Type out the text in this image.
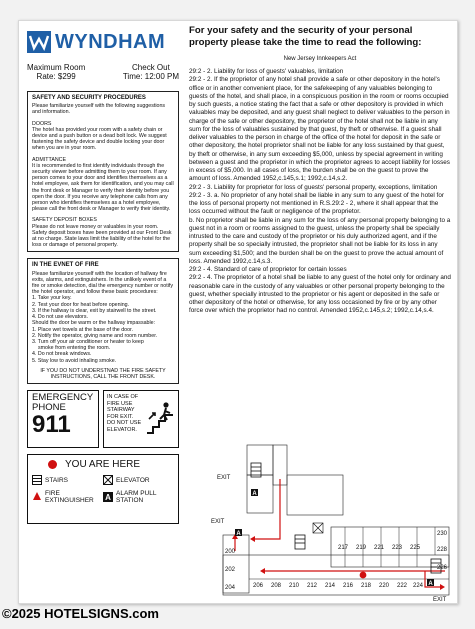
WYNDHAM
Maximum Room
Rate: $299
Check Out
Time: 12:00 PM
SAFETY AND SECURITY PROCEDURES
Please familiarize yourself with the following suggestions and information.
DOORS
The hotel has provided your room with a safety chain or device and a push button or a dead bolt lock. We suggest fastening the safety device and double locking your door when you are in your room.
ADMITTANCE
It is recommended to first identify individuals through the security viewer before admitting them to your room. If any person comes to your door and identifies themselves as a hotel employee, ask them for identification, and you may call the front desk or Manager to verify their identity before you open the door. If you receive any telephone calls from any person who identifies themselves as a hotel employee, please call the front desk or Manager to verify their identity.
SAFETY DEPOSIT BOXES
Please do not leave money or valuables in your room. Safety deposit boxes have been provided at our Front Desk at no charge. State laws limit the liability of the hotel for the loss or damage of personal property.
IN THE EVNET OF FIRE
Please familiarize yourself with the location of hallway fire exits, alarms, and extinguishers. In the unlikely event of a fire or smoke detection, dial the emergency number or notify the hotel operator, and follow these basic procedures:
1. Take your key.
2. Test your door for heat before opening.
3. If the hallway is clear, exit by stairwell to the street.
4. Do not use elevators.
Should the door be warm or the hallway impassable:
1. Place wet towels at the base of the door.
2. Notify the operator, giving name and room number.
3. Turn off your air conditioner or heater to keep
smoke from entering the room.
4. Do not break windows.
5. Stay low to avoid inhaling smoke.
IF YOU DO NOT UNDERSTNAD THE FIRE SAFETY
INSTRUCTIONS, CALL THE FRONT DESK.
EMERGENCY
PHONE
911
IN CASE OF
FIRE USE
STAIRWAY
FOR EXIT.
DO NOT USE
ELEVATOR.
YOU ARE HERE
STAIRS	ELEVATOR
FIRE
EXTINGUISHER A ALARM PULL
STATION
For your safety and the security of your personal property please take the time to read the following:
New Jersey Innkeepers Act
29:2 - 2. Liability for loss of guests' valuables, limitation
29:2 - 2. If the proprietor of any hotel shall provide a safe or other depository in the hotel's office or in another convenient place, for the safekeeping of any valuables belonging to guests of the hotel, and shall place, in a conspicuous position in the room or rooms occupied by such guests, a notice stating the fact that a safe or other depository is provided in which valuables may be deposited, and any guest shall neglect to deliver valuables to the person in charge of the safe or other depository, the proprietor of the hotel shall not be liable in any sum for the loss of valuables sustained by that guest, by theft or otherwise. If a guest shall deliver valuables to the person in charge of the office of the hotel for deposit in the safe or other depository, the hotel proprietor shall not be liable for any loss sustained by that guest, by theft or otherwise, in any sum exceeding $5,000, unless by special agreement in writing between a guest and the proprietor in which the proprietor agrees to accept liability for losses in excess of $5,000. In all cases of loss, the burden shall be on the guest to prove the amount of loss. Amended 1952,c.145,s.1; 1992,c.14,s.2.
29:2 - 3. Liability for proprietor for loss of guests' personal property, exceptions, limitation
29:2 - 3. a. No proprietor of any hotel shall be liable in any sum to any guest of the hotel for the loss of personal property not mentioned in R.S.29:2 - 2, where it shall appear that the loss occurred without the fault or negligence of the proprietor.
b. No proprietor shall be liable in any sum for the loss of any personal property belonging to a guest not in a room or rooms assigned to the guest, unless the property shall be specially intrusted to the care and custody of the proprietor or his duly authorized agent, and if the property shall be so specially intrusted, the proprietor shall not be liable for its loss in any sum exceeding $1,500; and the burden shall be on the guest to prove the actual amount of loss. Amended 1992,c.14,s.3.
29:2 - 4. Standard of care of proprietor for certain losses
29:2 - 4. The proprietor of a hotel shall be liable to any guest of the hotel only for ordinary and reasonable care in the custody of any valuables or other personal property belonging to the guest, whether specially intrusted to the proprietor or his agent or deposited in the safe or other depository of the hotel or otherwise, for any loss occasioned by fire or by any other force over which the proprietor had no control. Amended 1952,c.145,s.2; 1992,c.14,s.4.
A
A
A
EXIT
EXIT
EXIT
217 219 221 223 225
206 208 210 212 214 216 218 220 222 224
200
202
204
230
228
226
©2025 HOTELSIGNS.com
